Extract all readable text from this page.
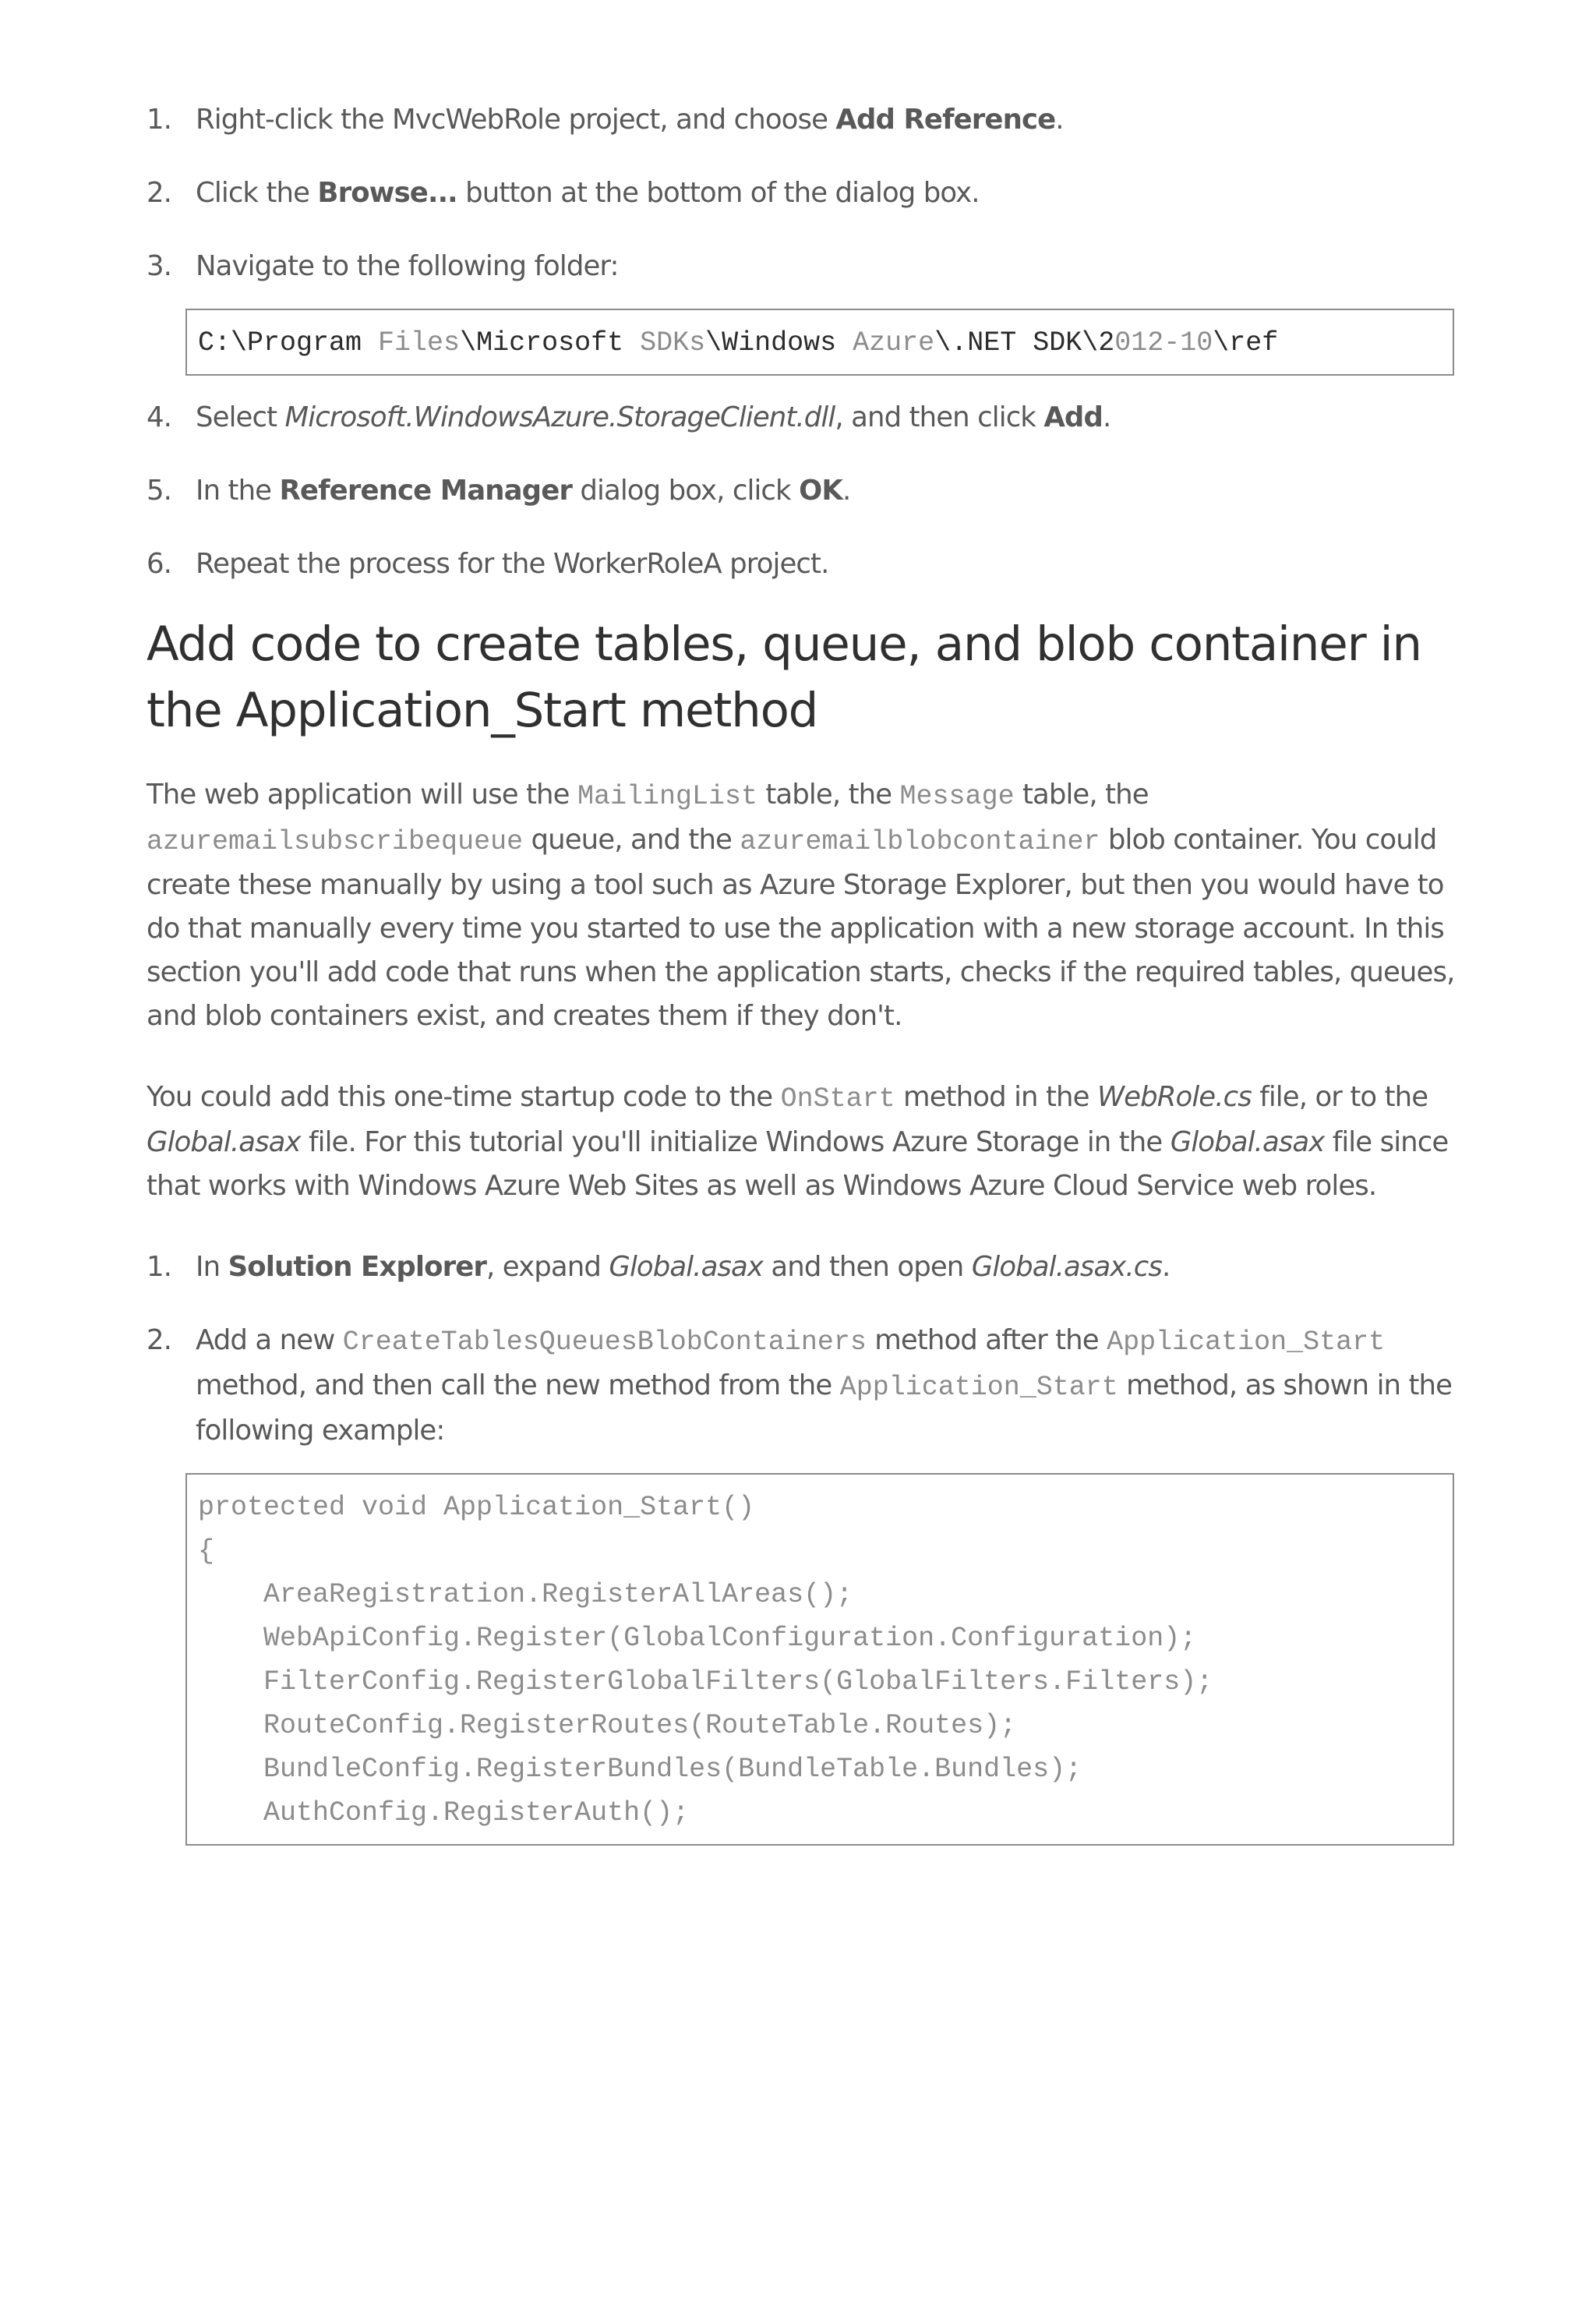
1. Right-click the MvcWebRole project, and choose Add Reference.
2. Click the Browse... button at the bottom of the dialog box.
3. Navigate to the following folder:
C:\Program Files\Microsoft SDKs\Windows Azure\.NET SDK\2012-10\ref
4. Select Microsoft.WindowsAzure.StorageClient.dll, and then click Add.
5. In the Reference Manager dialog box, click OK.
6. Repeat the process for the WorkerRoleA project.
Add code to create tables, queue, and blob container in the Application_Start method

The web application will use the MailingList table, the Message table, the azuremailsubscribequeue queue, and the azuremailblobcontainer blob container. You could create these manually by using a tool such as Azure Storage Explorer, but then you would have to do that manually every time you started to use the application with a new storage account. In this section you'll add code that runs when the application starts, checks if the required tables, queues, and blob containers exist, and creates them if they don't.

You could add this one-time startup code to the OnStart method in the WebRole.cs file, or to the Global.asax file. For this tutorial you'll initialize Windows Azure Storage in the Global.asax file since that works with Windows Azure Web Sites as well as Windows Azure Cloud Service web roles.

1. In Solution Explorer, expand Global.asax and then open Global.asax.cs.
2. Add a new CreateTablesQueuesBlobContainers method after the Application_Start method, and then call the new method from the Application_Start method, as shown in the following example:
protected void Application_Start()
{
AreaRegistration.RegisterAllAreas();
WebApiConfig.Register(GlobalConfiguration.Configuration);
FilterConfig.RegisterGlobalFilters(GlobalFilters.Filters);
RouteConfig.RegisterRoutes(RouteTable.Routes);
BundleConfig.RegisterBundles(BundleTable.Bundles);
AuthConfig.RegisterAuth();
